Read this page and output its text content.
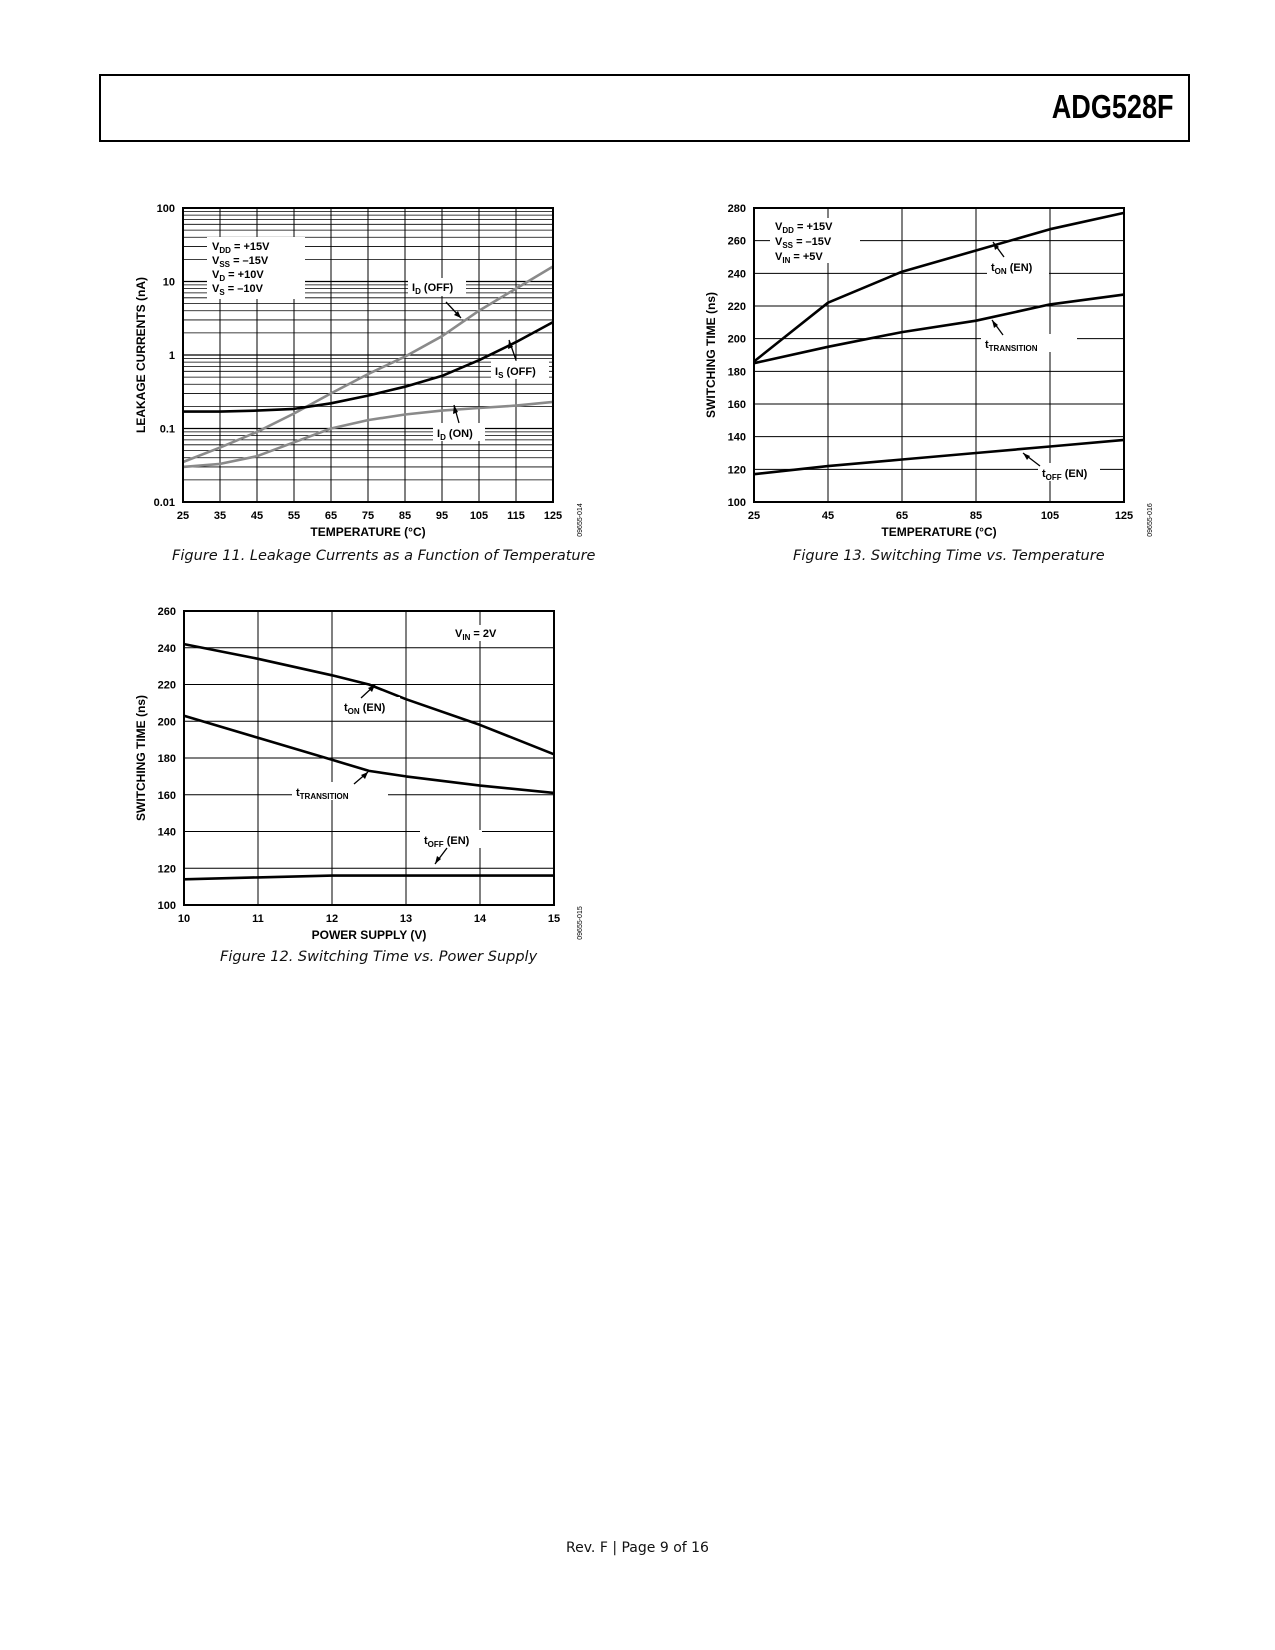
ADG528F
25 35 45 55 65 75 85 95 105 115 125
0.01
0.1
1
10
100
$V_{DD} = +15V$
$V_{SS} = -15V$
$V_D = +10V$
$V_S = -10V$	$I_D$ (OFF)
$I_S$ (OFF)
$I_D$ (ON)
TEMPERATURE (°C)
LEAKAGE CURRENTS (nA)
09655-014
Figure 11. Leakage Currents as a Function of Temperature
10	11	12	13	14	15
100
120
140
160
180
200
220
240
260
$V_{IN} = 2V$
$t_{ON}$ (EN)
$t_{TRANSITION}$
$t_{OFF}$ (EN)
POWER SUPPLY (V)
SWITCHING TIME (ns)
09655-015
Figure 12. Switching Time vs. Power Supply
25	45	65	85	105	125
100
120
140
160
180
200
220
240
260
280
$V_{DD} = +15V$
$V_{SS} = -15V$
$V_{IN} = +5V$
$t_{ON}$ (EN)
$t_{TRANSITION}$
$t_{OFF}$ (EN)
TEMPERATURE (°C)
SWITCHING TIME (ns)
09655-016
Figure 13. Switching Time vs. Temperature
Rev. F | Page 9 of 16
